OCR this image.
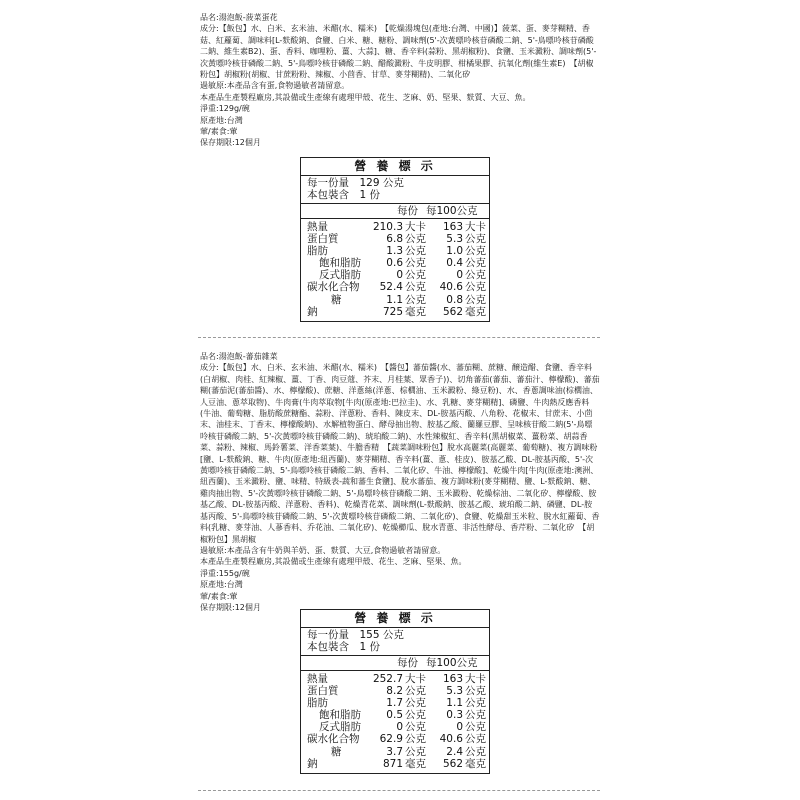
品名:湯泡飯-菠菜蛋花

成分:【飯包】水、白米、玄米油、米醋(水、糯米)　【乾燥湯塊包(產地:台灣、中國)】菠菜、蛋、麥芽糊精、香菇、紅蘿蔔、調味料[L-麩酸鈉、食鹽、白米、糖、糖粉、調味劑(5'-次黃嘌呤核苷磷酸二鈉、5'-鳥嘌呤核苷磷酸二鈉、維生素B2)、蛋、香料、咖哩粉、薑、大蒜]、糖、香辛料(蒜粉、黑胡椒粉)、食鹽、玉米澱粉、調味劑(5'-次黃嘌呤核苷磷酸二鈉、5'-鳥嘌呤核苷磷酸二鈉、醋酸澱粉、牛皮明膠、柑橘果膠、抗氧化劑(維生素E)　【胡椒粉包】胡椒粉(胡椒、甘蔗粉粉、辣椒、小茴香、甘草、麥芽糊精)、二氧化矽

過敏原:本產品含有蛋,食物過敏者請留意。

本產品生產製程廠房,其設備或生產線有處理甲殼、花生、芝麻、奶、堅果、麩質、大豆、魚。

淨重:129g/碗

原產地:台灣

葷/素食:葷

保存期限:12個月

營 養 標 示
每一份量　129 公克
本包裝含　1 份
每份 每100公克
熱量	210.3 大卡	163 大卡
蛋白質	6.8 公克	5.3 公克
脂肪	1.3 公克	1.0 公克
飽和脂肪	0.6 公克	0.4 公克
反式脂肪	0 公克	0 公克
碳水化合物	52.4 公克	40.6 公克
糖	1.1 公克	0.8 公克
鈉	725 毫克	562 毫克

品名:湯泡飯-蕃茄雜菜

成分:【飯包】水、白米、玄米油、米醋(水、糯米)　【醬包】蕃茄醬(水、蕃茄糊、蔗糖、醸造醋、食鹽、香辛料(白胡椒、肉桂、紅辣椒、薑、丁香、肉豆蔻、芥末、月桂葉、眾香子))、切角蕃茄(蕃茄、蕃茄汁、檸檬酸)、蕃茄糊(蕃茄泥(蕃茄醬)、水、檸檬酸)、蔗糖、洋蔥絲(洋蔥、棕櫚油、玉米澱粉、綠豆粉)、水、香蔥調味油(棕櫚油、人豆油、蔥萃取物)、牛肉膏(牛肉萃取物[牛肉(原產地:巴拉圭)、水、乳糖、麥芽糊精]、磷鹽、牛肉熱反應香料(牛油、葡萄糖、脂肪酸蔗糖酯、蒜粉、洋蔥粉、香料、陳皮末、DL-胺基丙酸、八角粉、花椒末、甘蔗末、小茴末、油桂末、丁香末、檸檬酸鈉)、水解植物蛋白、酵母抽出物、胺基乙酸、蘭羅豆膠、呈味核苷酸二鈉(5'-鳥嘌呤核苷磷酸二鈉、5'-次黃嘌呤核苷磷酸二鈉)、琥珀酸二鈉)、水性辣椒紅、香辛料(黑胡椒菜、薑粉菜、胡蒜香菜、蒜粉、辣椒、馬鈴薯菜、洋香菜葉)、牛膽香精　【蔬菜調味粉包】脫水高麗菜(高麗菜、葡萄糖)、複方調味粉[鹽、L-麩酸鈉、糖、牛肉(原產地:紐西蘭)、麥芽糊精、香辛料(薑、蔥、桂皮)、胺基乙酸、DL-胺基丙酸、5'-次黃嘌呤核苷磷酸二鈉、5'-鳥嘌呤核苷磷酸二鈉、香料、二氧化矽、牛油、檸檬酸]、乾燥牛肉[牛肉(原產地:澳洲、紐西蘭)、玉米澱粉、鹽、味精、特級表-蔬和蕃生食鹽]、脫水蕃茄、複方調味粉(麥芽糊精、鹽、L-麩酸鈉、糖、雞肉抽出物、5'-次黃嘌呤核苷磷酸二鈉、5'-鳥嘌呤核苷磷酸二鈉、玉米澱粉、乾燥棕油、二氧化矽、檸檬酸、胺基乙酸、DL-胺基丙酸、洋蔥粉、香料)、乾燥青花菜、調味劑(L-麩酸鈉、胺基乙酸、琥珀酸二鈉、磷鹽、DL-胺基丙酸、5'-鳥嘌呤核苷磷酸二鈉、5'-次黃嘌呤核苷磷酸二鈉、二氧化矽)、食鹽、乾燥甜玉米粒、脫水紅蘿蔔、香料(乳糖、麥芽油、人蔘香料、乔花油、二氧化矽)、乾燥櫛瓜、脫水青蔥、非活性酵母、香芹粉、二氧化矽　【胡椒粉包】黑胡椒

過敏原:本產品含有牛奶與羊奶、蛋、麩質、大豆,食物過敏者請留意。

本產品生產製程廠房,其設備或生產線有處理甲殼、花生、芝麻、堅果、魚。

淨重:155g/碗

原產地:台灣

葷/素食:葷

保存期限:12個月

營 養 標 示
每一份量　155 公克
本包裝含　1 份
每份 每100公克
熱量	252.7 大卡	163 大卡
蛋白質	8.2 公克	5.3 公克
脂肪	1.7 公克	1.1 公克
飽和脂肪	0.5 公克	0.3 公克
反式脂肪	0 公克	0 公克
碳水化合物	62.9 公克	40.6 公克
糖	3.7 公克	2.4 公克
鈉	871 毫克	562 毫克
